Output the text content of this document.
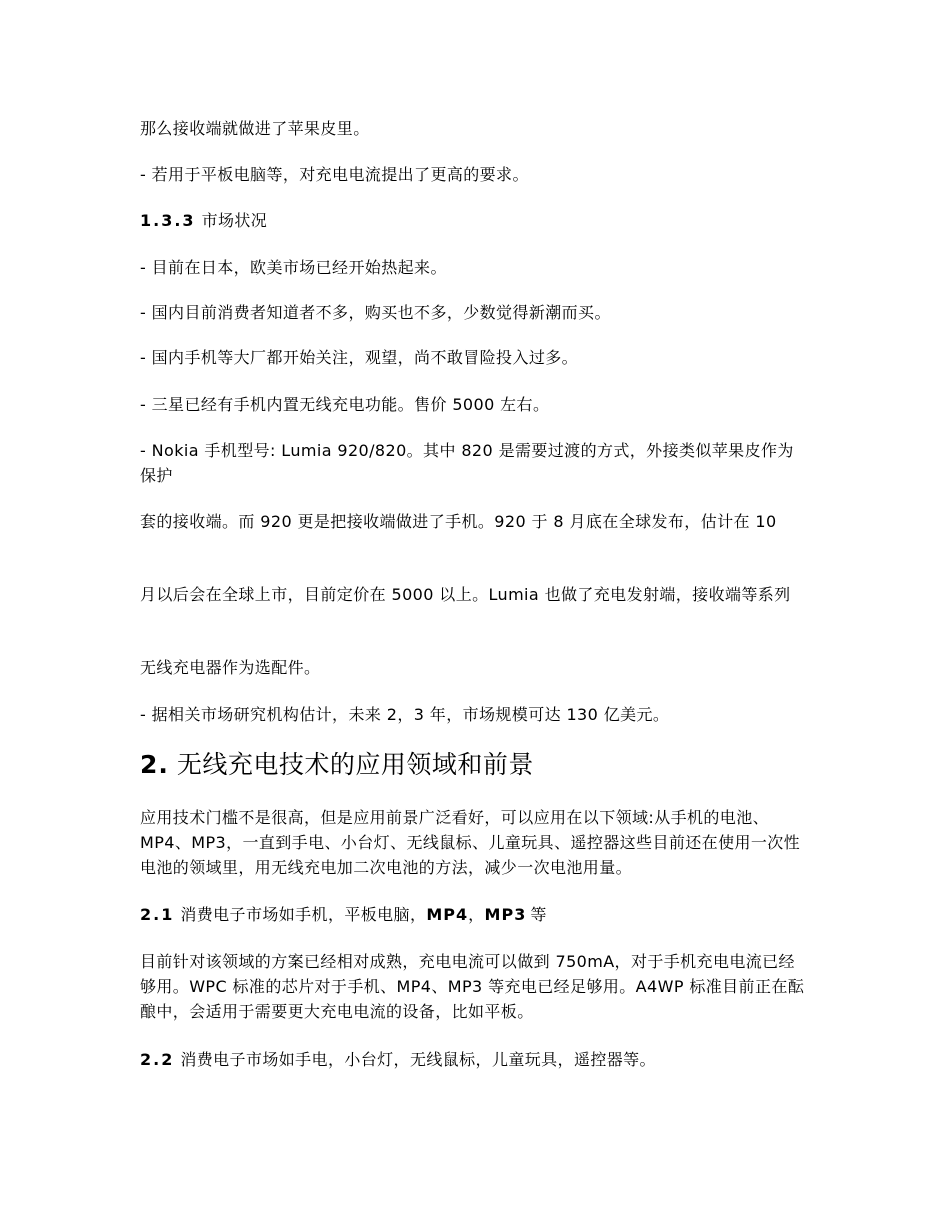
那么接收端就做进了苹果皮里。
- 若用于平板电脑等，对充电电流提出了更高的要求。
1.3.3 市场状况
- 目前在日本，欧美市场已经开始热起来。
- 国内目前消费者知道者不多，购买也不多，少数觉得新潮而买。
- 国内手机等大厂都开始关注，观望，尚不敢冒险投入过多。
- 三星已经有手机内置无线充电功能。售价 5000 左右。
- Nokia 手机型号: Lumia 920/820。其中 820 是需要过渡的方式，外接类似苹果皮作为保护
套的接收端。而 920 更是把接收端做进了手机。920 于 8 月底在全球发布，估计在 10
月以后会在全球上市，目前定价在 5000 以上。Lumia 也做了充电发射端，接收端等系列
无线充电器作为选配件。
- 据相关市场研究机构估计，未来 2，3 年，市场规模可达 130 亿美元。
2. 无线充电技术的应用领域和前景
应用技术门槛不是很高，但是应用前景广泛看好，可以应用在以下领域:从手机的电池、MP4、MP3，一直到手电、小台灯、无线鼠标、儿童玩具、遥控器这些目前还在使用一次性电池的领域里，用无线充电加二次电池的方法，减少一次电池用量。
2.1 消费电子市场如手机，平板电脑，MP4，MP3 等
目前针对该领域的方案已经相对成熟，充电电流可以做到 750mA，对于手机充电电流已经够用。WPC 标准的芯片对于手机、MP4、MP3 等充电已经足够用。A4WP 标准目前正在酝酿中，会适用于需要更大充电电流的设备，比如平板。
2.2 消费电子市场如手电，小台灯，无线鼠标，儿童玩具，遥控器等。
